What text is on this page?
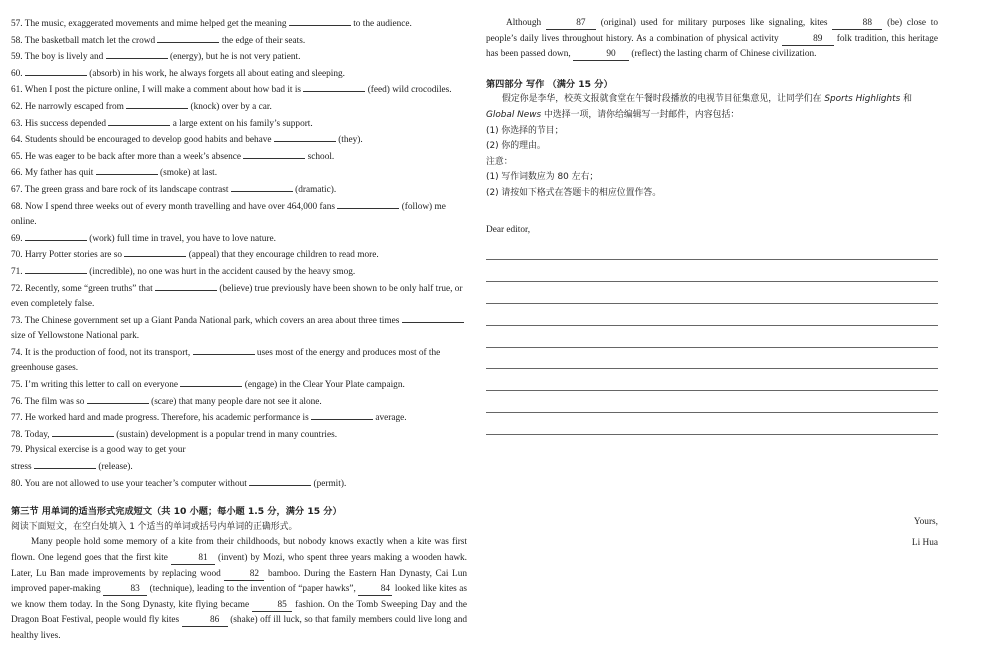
57. The music, exaggerated movements and mime helped get the meaning	to the audience.
58. The basketball match let the crowd	the edge of their seats.
59. The boy is lively and	(energy), but he is not very patient.
60.	(absorb) in his work, he always forgets all about eating and sleeping.
61. When I post the picture online, I will make a comment about how bad it is	(feed) wild crocodiles.
62. He narrowly escaped from	(knock) over by a car.
63. His success depended	a large extent on his family’s support.
64. Students should be encouraged to develop good habits and behave	(they).
65. He was eager to be back after more than a week’s absence	school.
66. My father has quit	(smoke) at last.
67. The green grass and bare rock of its landscape contrast	(dramatic).
68. Now I spend three weeks out of every month travelling and have over 464,000 fans	(follow) me online.
69.	(work) full time in travel, you have to love nature.
70. Harry Potter stories are so	(appeal) that they encourage children to read more.
71.	(incredible), no one was hurt in the accident caused by the heavy smog.
72. Recently, some “green truths” that	(believe) true previously have been shown to be only half true, or even completely false.
73. The Chinese government set up a Giant Panda National park, which covers an area about three times  size of Yellowstone National park.
74. It is the production of food, not its transport,	uses most of the energy and produces most of the greenhouse gases.
75. I’m writing this letter to call on everyone	(engage) in the Clear Your Plate campaign.
76. The film was so	(scare) that many people dare not see it alone.
77. He worked hard and made progress. Therefore, his academic performance is	average.
78. Today,	(sustain) development is a popular trend in many countries.
79. Physical exercise is a good way to get your
stress	(release).
80. You are not allowed to use your teacher’s computer without	(permit).
第三节 用单词的适当形式完成短文（共 10 小题；每小题 1.5 分，满分 15 分）
阅读下面短文，在空白处填入 1 个适当的单词或括号内单词的正确形式。
Many people hold some memory of a kite from their childhoods, but nobody knows exactly when a kite was first flown. One legend goes that the first kite	81 (invent) by Mozi, who spent three years making a wooden hawk. Later, Lu Ban made improvements by replacing wood	82 bamboo. During the Eastern Han Dynasty, Cai Lun improved paper-making	83 (technique), leading to the invention of “paper hawks”,	84 looked like kites as we know them today. In the Song Dynasty, kite flying became	85 fashion. On the Tomb Sweeping Day and the Dragon Boat Festival, people would fly kites	86 (shake) off ill luck, so that family members could live long and healthy lives.
Although	87 (original) used for military purposes like signaling, kites	88 (be) close to people’s daily lives throughout history. As a combination of physical activity	89 folk tradition, this heritage has been passed down,	90 (reflect) the lasting charm of Chinese civilization.
第四部分 写作 （满分 15 分）
假定你是李华，校英文报就食堂在午餐时段播放的电视节目征集意见，让同学们在 Sports Highlights 和 Global News 中选择一项，请你给编辑写一封邮件，内容包括：
(1) 你选择的节目；
(2) 你的理由。
注意：
(1) 写作词数应为 80 左右；
(2) 请按如下格式在答题卡的相应位置作答。
Dear editor,
Yours,
Li Hua
